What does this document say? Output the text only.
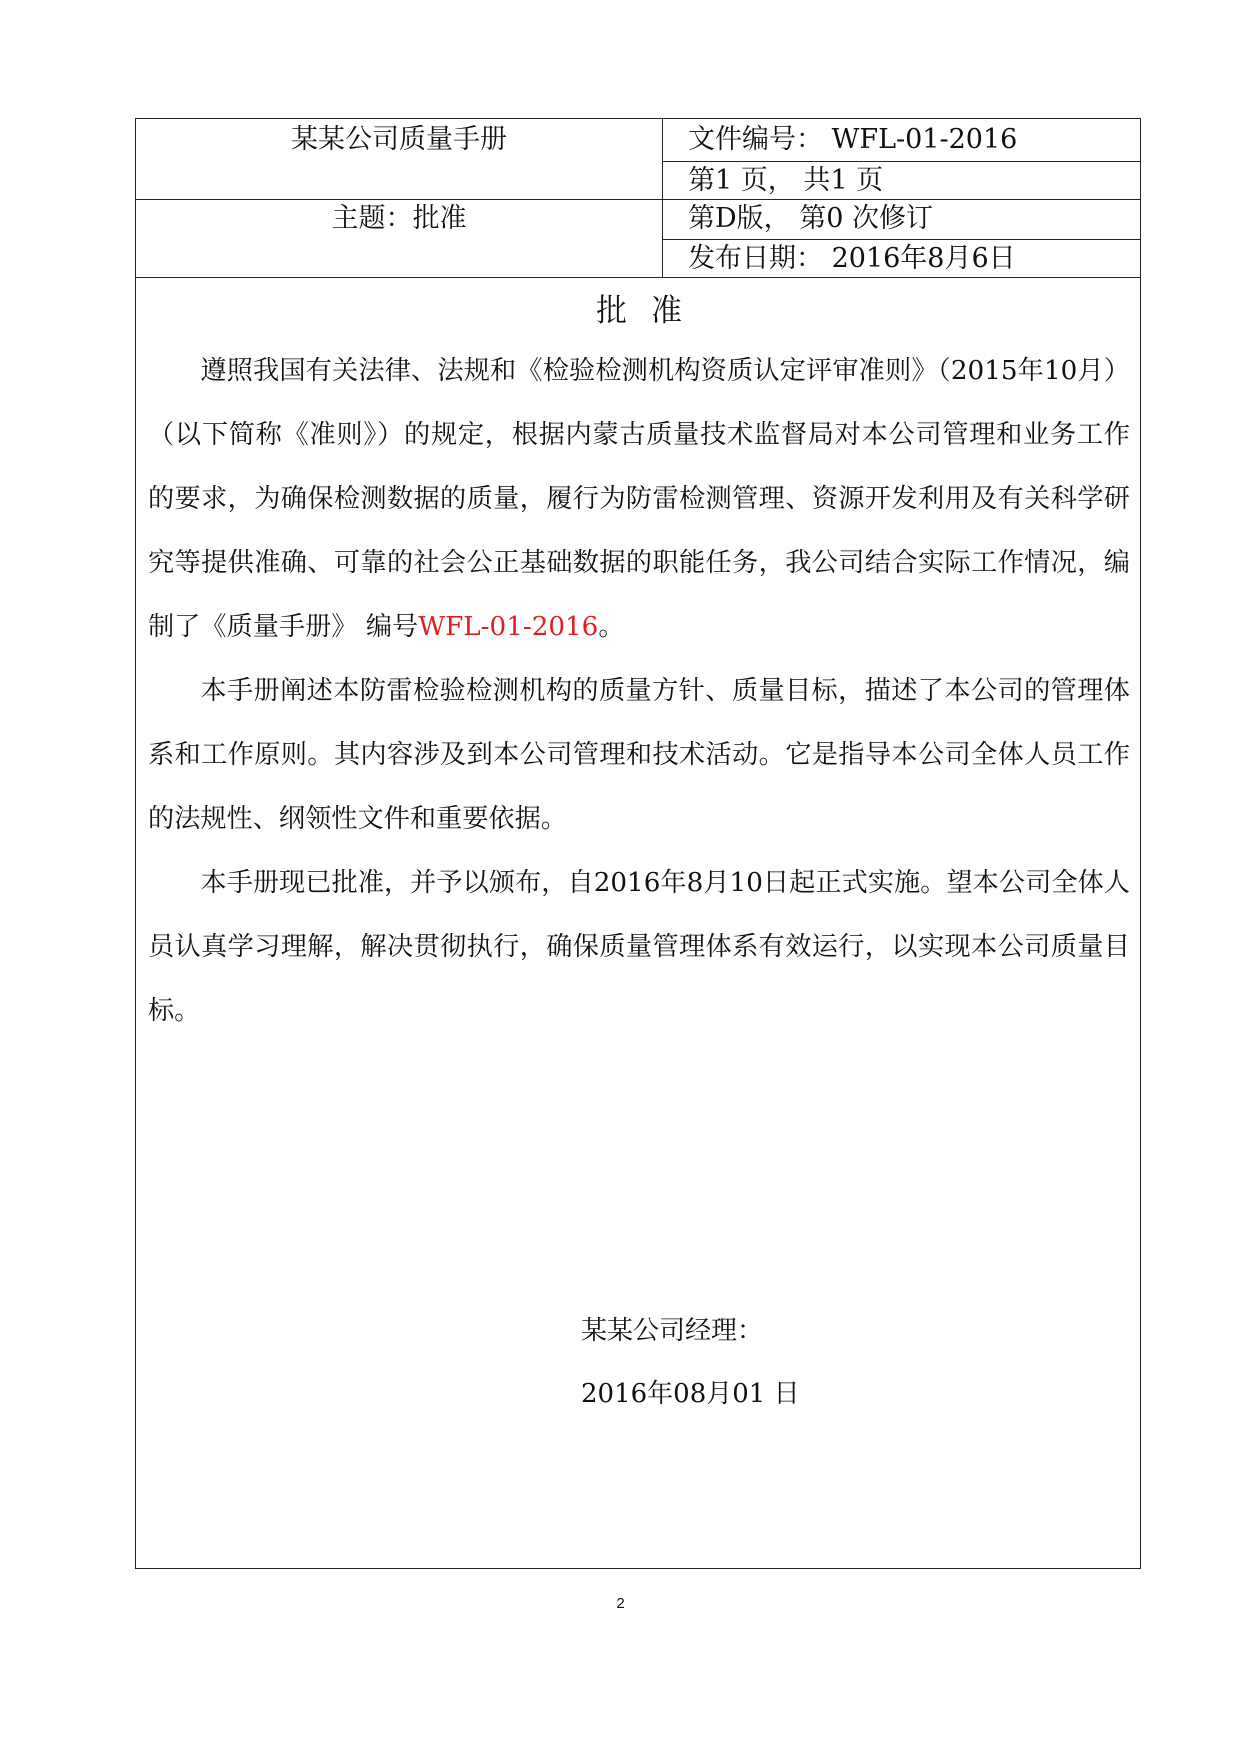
某某公司质量手册
主题：批准
文件编号： WFL-01-2016
第1 页， 共1 页
第D版， 第0 次修订
发布日期： 2016年8月6日
批准

遵照我国有关法律、法规和《检验检测机构资质认定评审准则》（2015年10月）（以下简称《准则》）的规定，根据内蒙古质量技术监督局对本公司管理和业务工作的要求，为确保检测数据的质量，履行为防雷检测管理、资源开发利用及有关科学研究等提供准确、可靠的社会公正基础数据的职能任务，我公司结合实际工作情况，编制了《质量手册》 编号WFL-01-2016。

本手册阐述本防雷检验检测机构的质量方针、质量目标，描述了本公司的管理体系和工作原则。其内容涉及到本公司管理和技术活动。它是指导本公司全体人员工作的法规性、纲领性文件和重要依据。

本手册现已批准，并予以颁布，自2016年8月10日起正式实施。望本公司全体人员认真学习理解，解决贯彻执行，确保质量管理体系有效运行，以实现本公司质量目标。

某某公司经理：
2016年08月01 日
2
